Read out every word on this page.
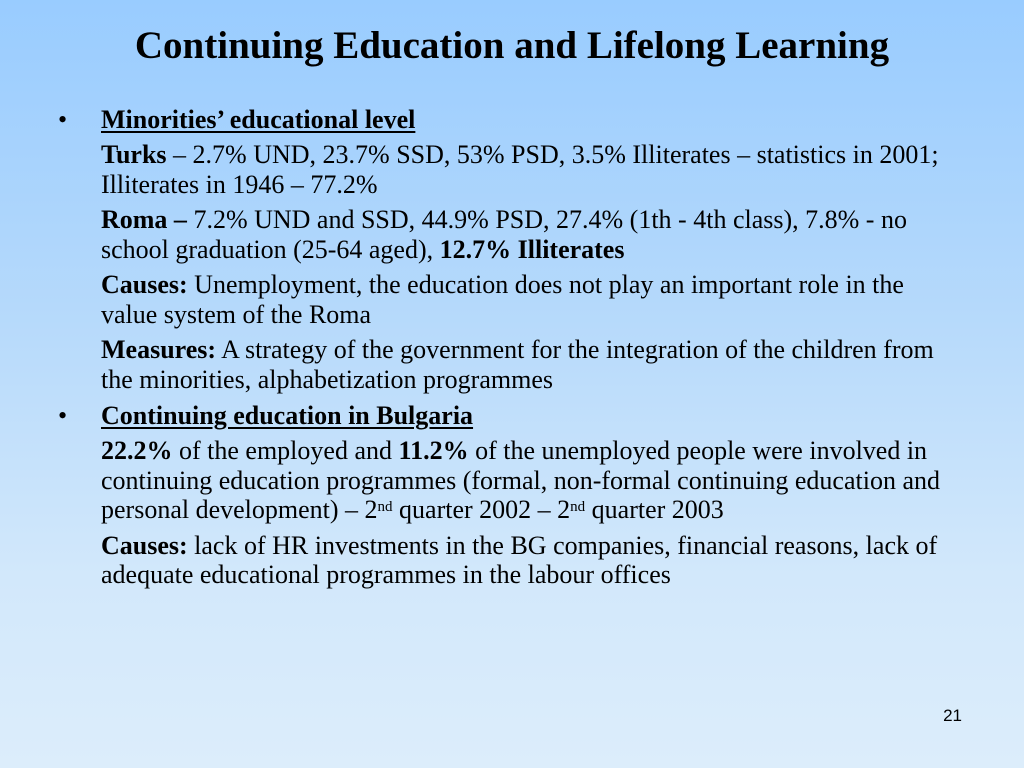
Continuing Education and Lifelong Learning
• Minorities’ educational level
Turks – 2.7% UND, 23.7% SSD, 53% PSD, 3.5% Illiterates – statistics in 2001; Illiterates in 1946 – 77.2%
Roma – 7.2% UND and SSD, 44.9% PSD, 27.4% (1th - 4th class), 7.8% - no school graduation (25-64 aged), 12.7% Illiterates
Causes: Unemployment, the education does not play an important role in the value system of the Roma
Measures: A strategy of the government for the integration of the children from the minorities, alphabetization programmes
• Continuing education in Bulgaria
22.2% of the employed and 11.2% of the unemployed people were involved in continuing education programmes (formal, non-formal continuing education and personal development) – 2nd quarter 2002 – 2nd quarter 2003
Causes: lack of HR investments in the BG companies, financial reasons, lack of adequate educational programmes in the labour offices
21
